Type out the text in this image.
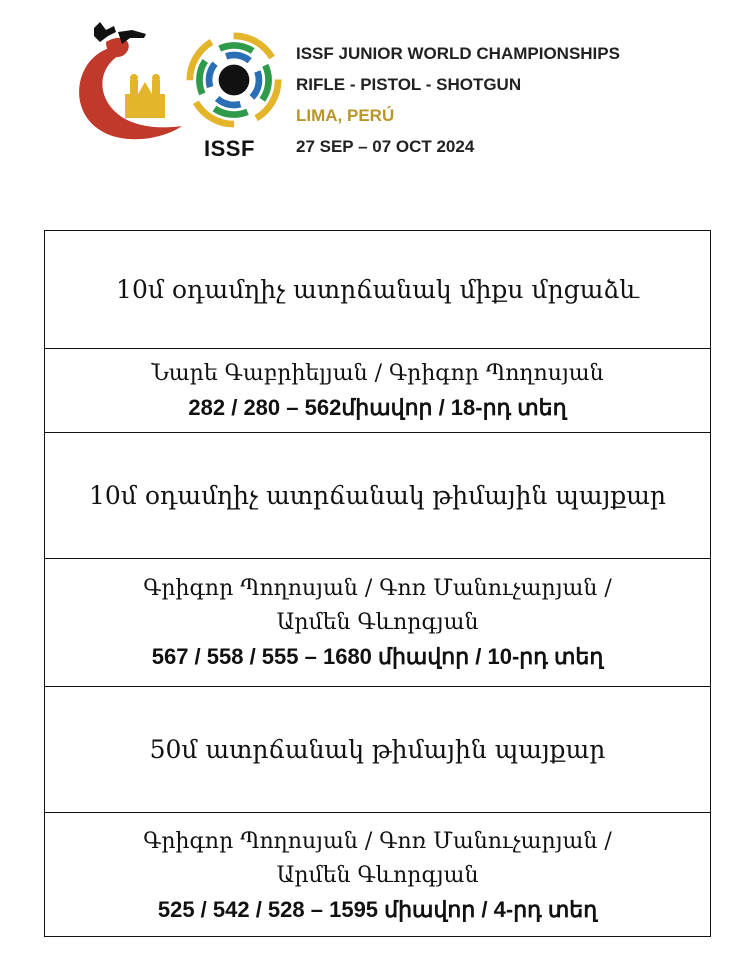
ISSF
ISSF JUNIOR WORLD CHAMPIONSHIPS
RIFLE - PISTOL - SHOTGUN
LIMA, PERÚ
27 SEP – 07 OCT 2024
10մ օդամղիչ ատրճանակ միքս մրցաձև
Նարե Գաբրիելյան / Գրիգոր Պողոսյան
282 / 280 – 562միավոր / 18-րդ տեղ
10մ օդամղիչ ատրճանակ թիմային պայքար
Գրիգոր Պողոսյան / Գոռ Մանուչարյան /
Արմեն Գևորգյան
567 / 558 / 555 – 1680 միավոր / 10-րդ տեղ
50մ ատրճանակ թիմային պայքար
Գրիգոր Պողոսյան / Գոռ Մանուչարյան /
Արմեն Գևորգյան
525 / 542 / 528 – 1595 միավոր / 4-րդ տեղ
